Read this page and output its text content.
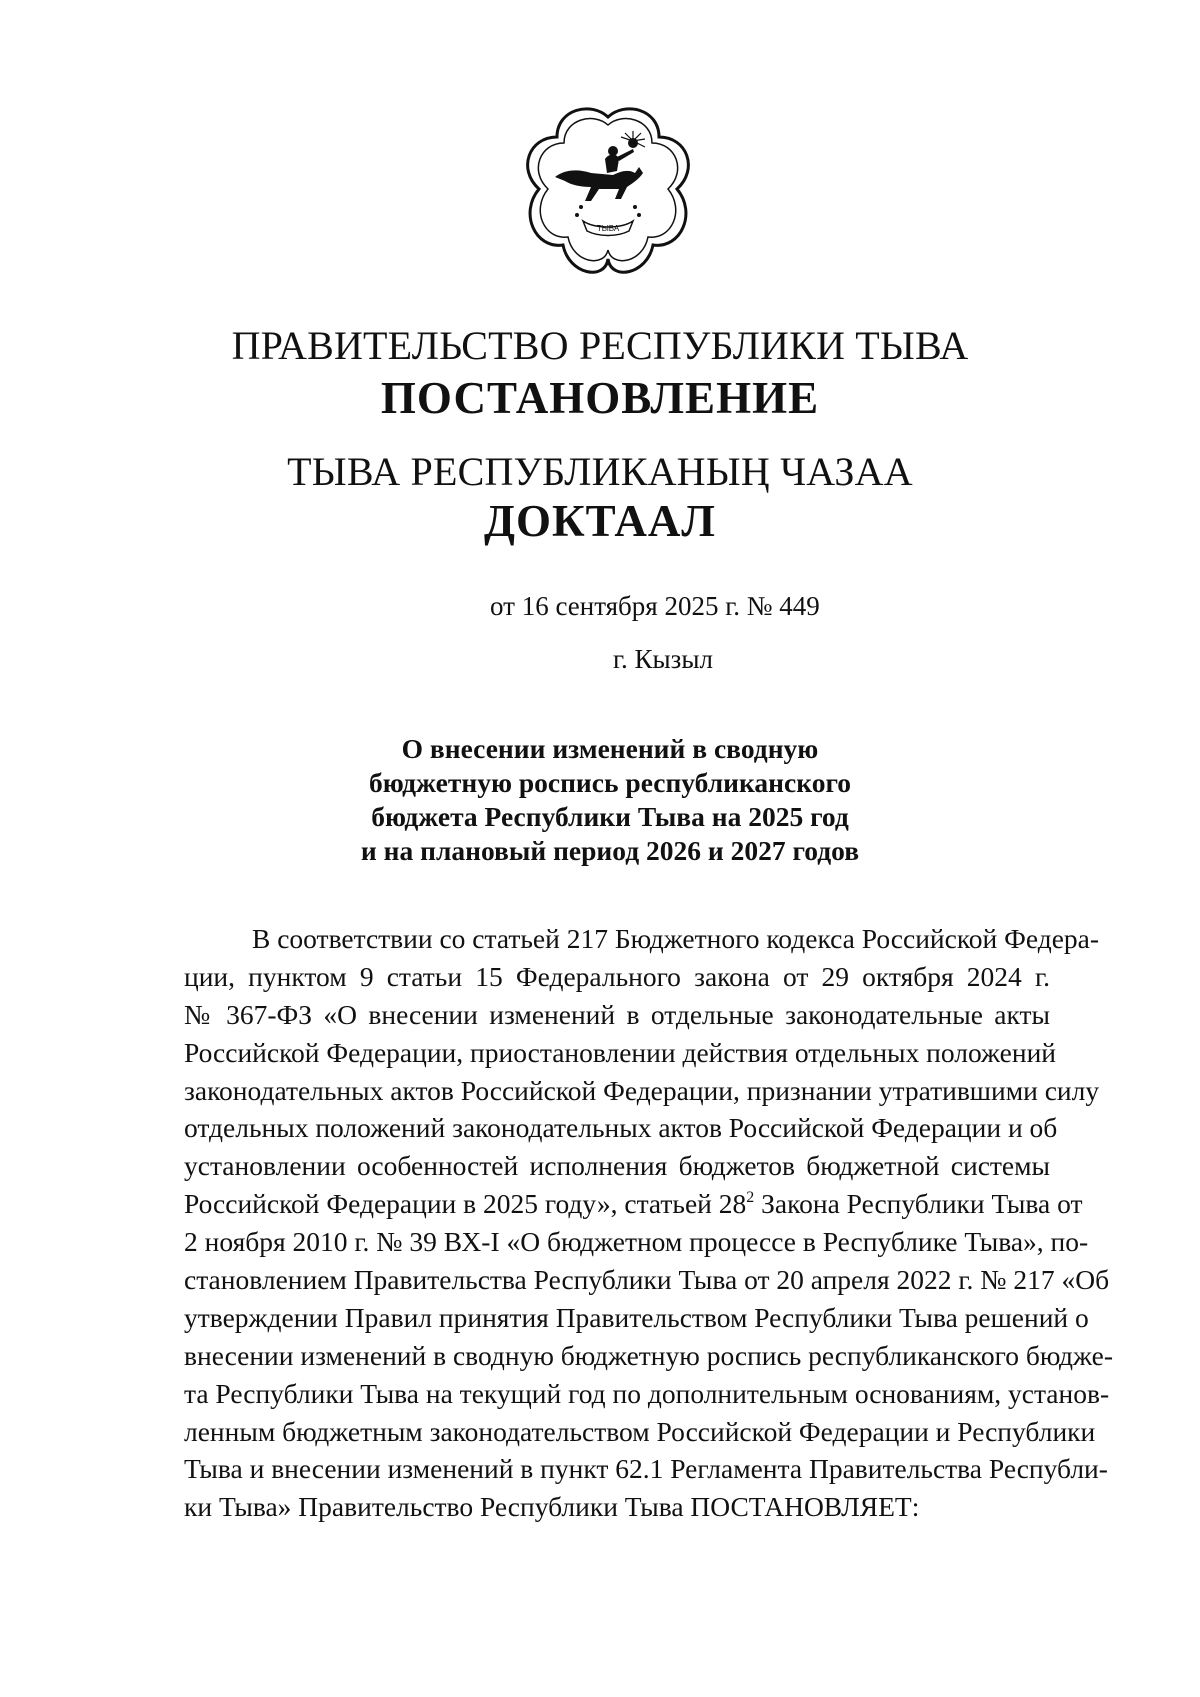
ТЫВА
ПРАВИТЕЛЬСТВО РЕСПУБЛИКИ ТЫВА
ПОСТАНОВЛЕНИЕ
ТЫВА РЕСПУБЛИКАНЫҢ ЧАЗАА
ДОКТААЛ
от 16 сентября 2025 г. № 449
г. Кызыл
О внесении изменений в сводную
бюджетную роспись республиканского
бюджета Республики Тыва на 2025 год
и на плановый период 2026 и 2027 годов
В соответствии со статьей 217 Бюджетного кодекса Российской Федера-
ции, пунктом 9 статьи 15 Федерального закона от 29 октября 2024 г.
№ 367-ФЗ «О внесении изменений в отдельные законодательные акты
Российской Федерации, приостановлении действия отдельных положений
законодательных актов Российской Федерации, признании утратившими силу
отдельных положений законодательных актов Российской Федерации и об
установлении особенностей исполнения бюджетов бюджетной системы
Российской Федерации в 2025 году», статьей $28^2$ Закона Республики Тыва от
2 ноября 2010 г. № 39 ВХ-I «О бюджетном процессе в Республике Тыва», по-
становлением Правительства Республики Тыва от 20 апреля 2022 г. № 217 «Об
утверждении Правил принятия Правительством Республики Тыва решений о
внесении изменений в сводную бюджетную роспись республиканского бюдже-
та Республики Тыва на текущий год по дополнительным основаниям, установ-
ленным бюджетным законодательством Российской Федерации и Республики
Тыва и внесении изменений в пункт 62.1 Регламента Правительства Республи-
ки Тыва» Правительство Республики Тыва ПОСТАНОВЛЯЕТ:
